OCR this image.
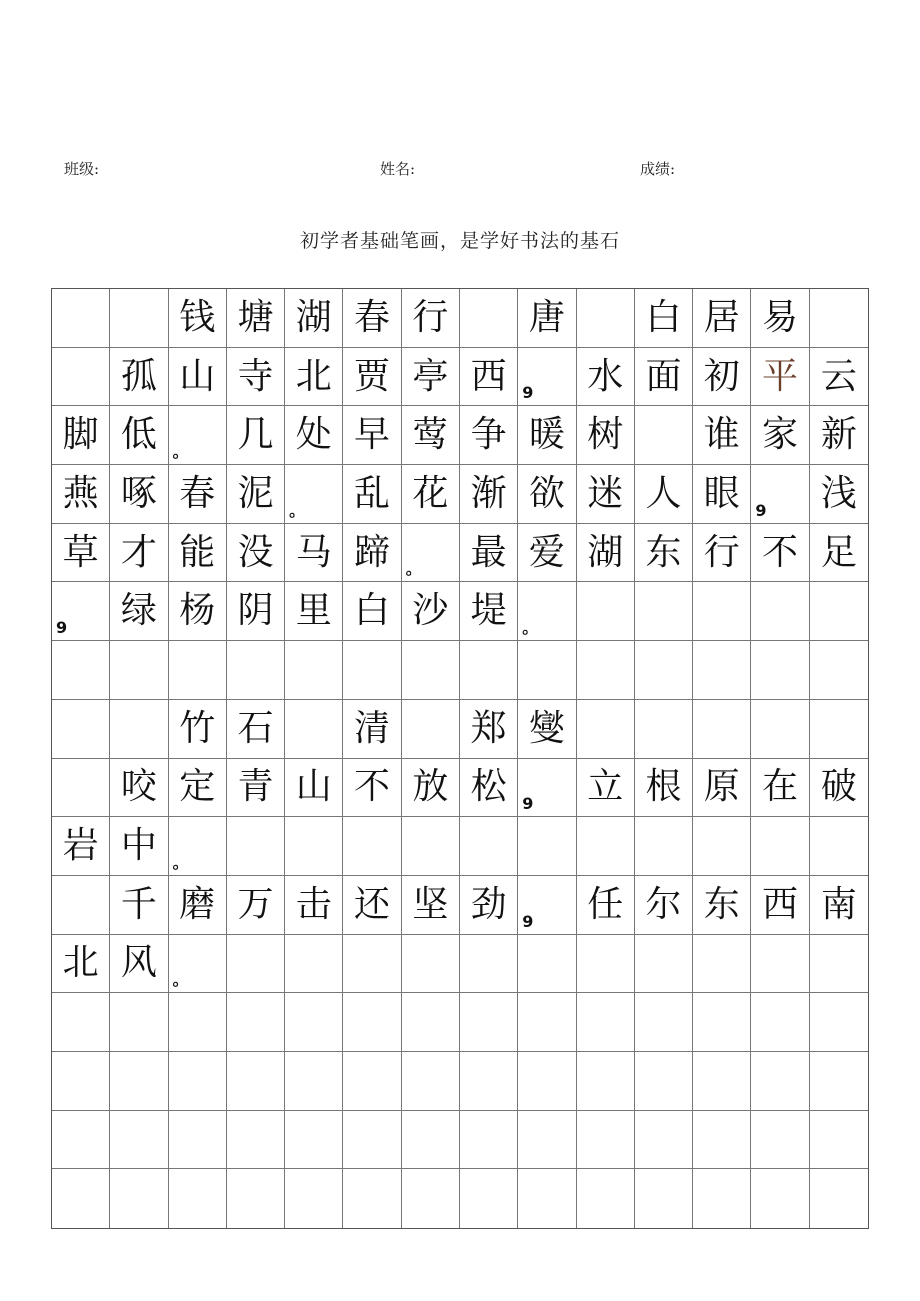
班级:	姓名:	成绩:
初学者基础笔画，是学好书法的基石
钱 塘 湖 春 行	唐	白 居 易
孤 山 寺 北 贾 亭 西 9	水 面 初 平 云
脚 低 。	几 处 早 莺 争 暖 树	谁 家 新
燕 啄 春 泥 。	乱 花 渐 欲 迷 人 眼 9	浅
草 才 能 没 马 蹄 。	最 爱 湖 东 行 不 足
9	绿 杨 阴 里 白 沙 堤 。
竹 石	清	郑 燮
咬 定 青 山 不 放 松 9	立 根 原 在 破
岩 中 。
千 磨 万 击 还 坚 劲 9	任 尔 东 西 南
北 风 。
